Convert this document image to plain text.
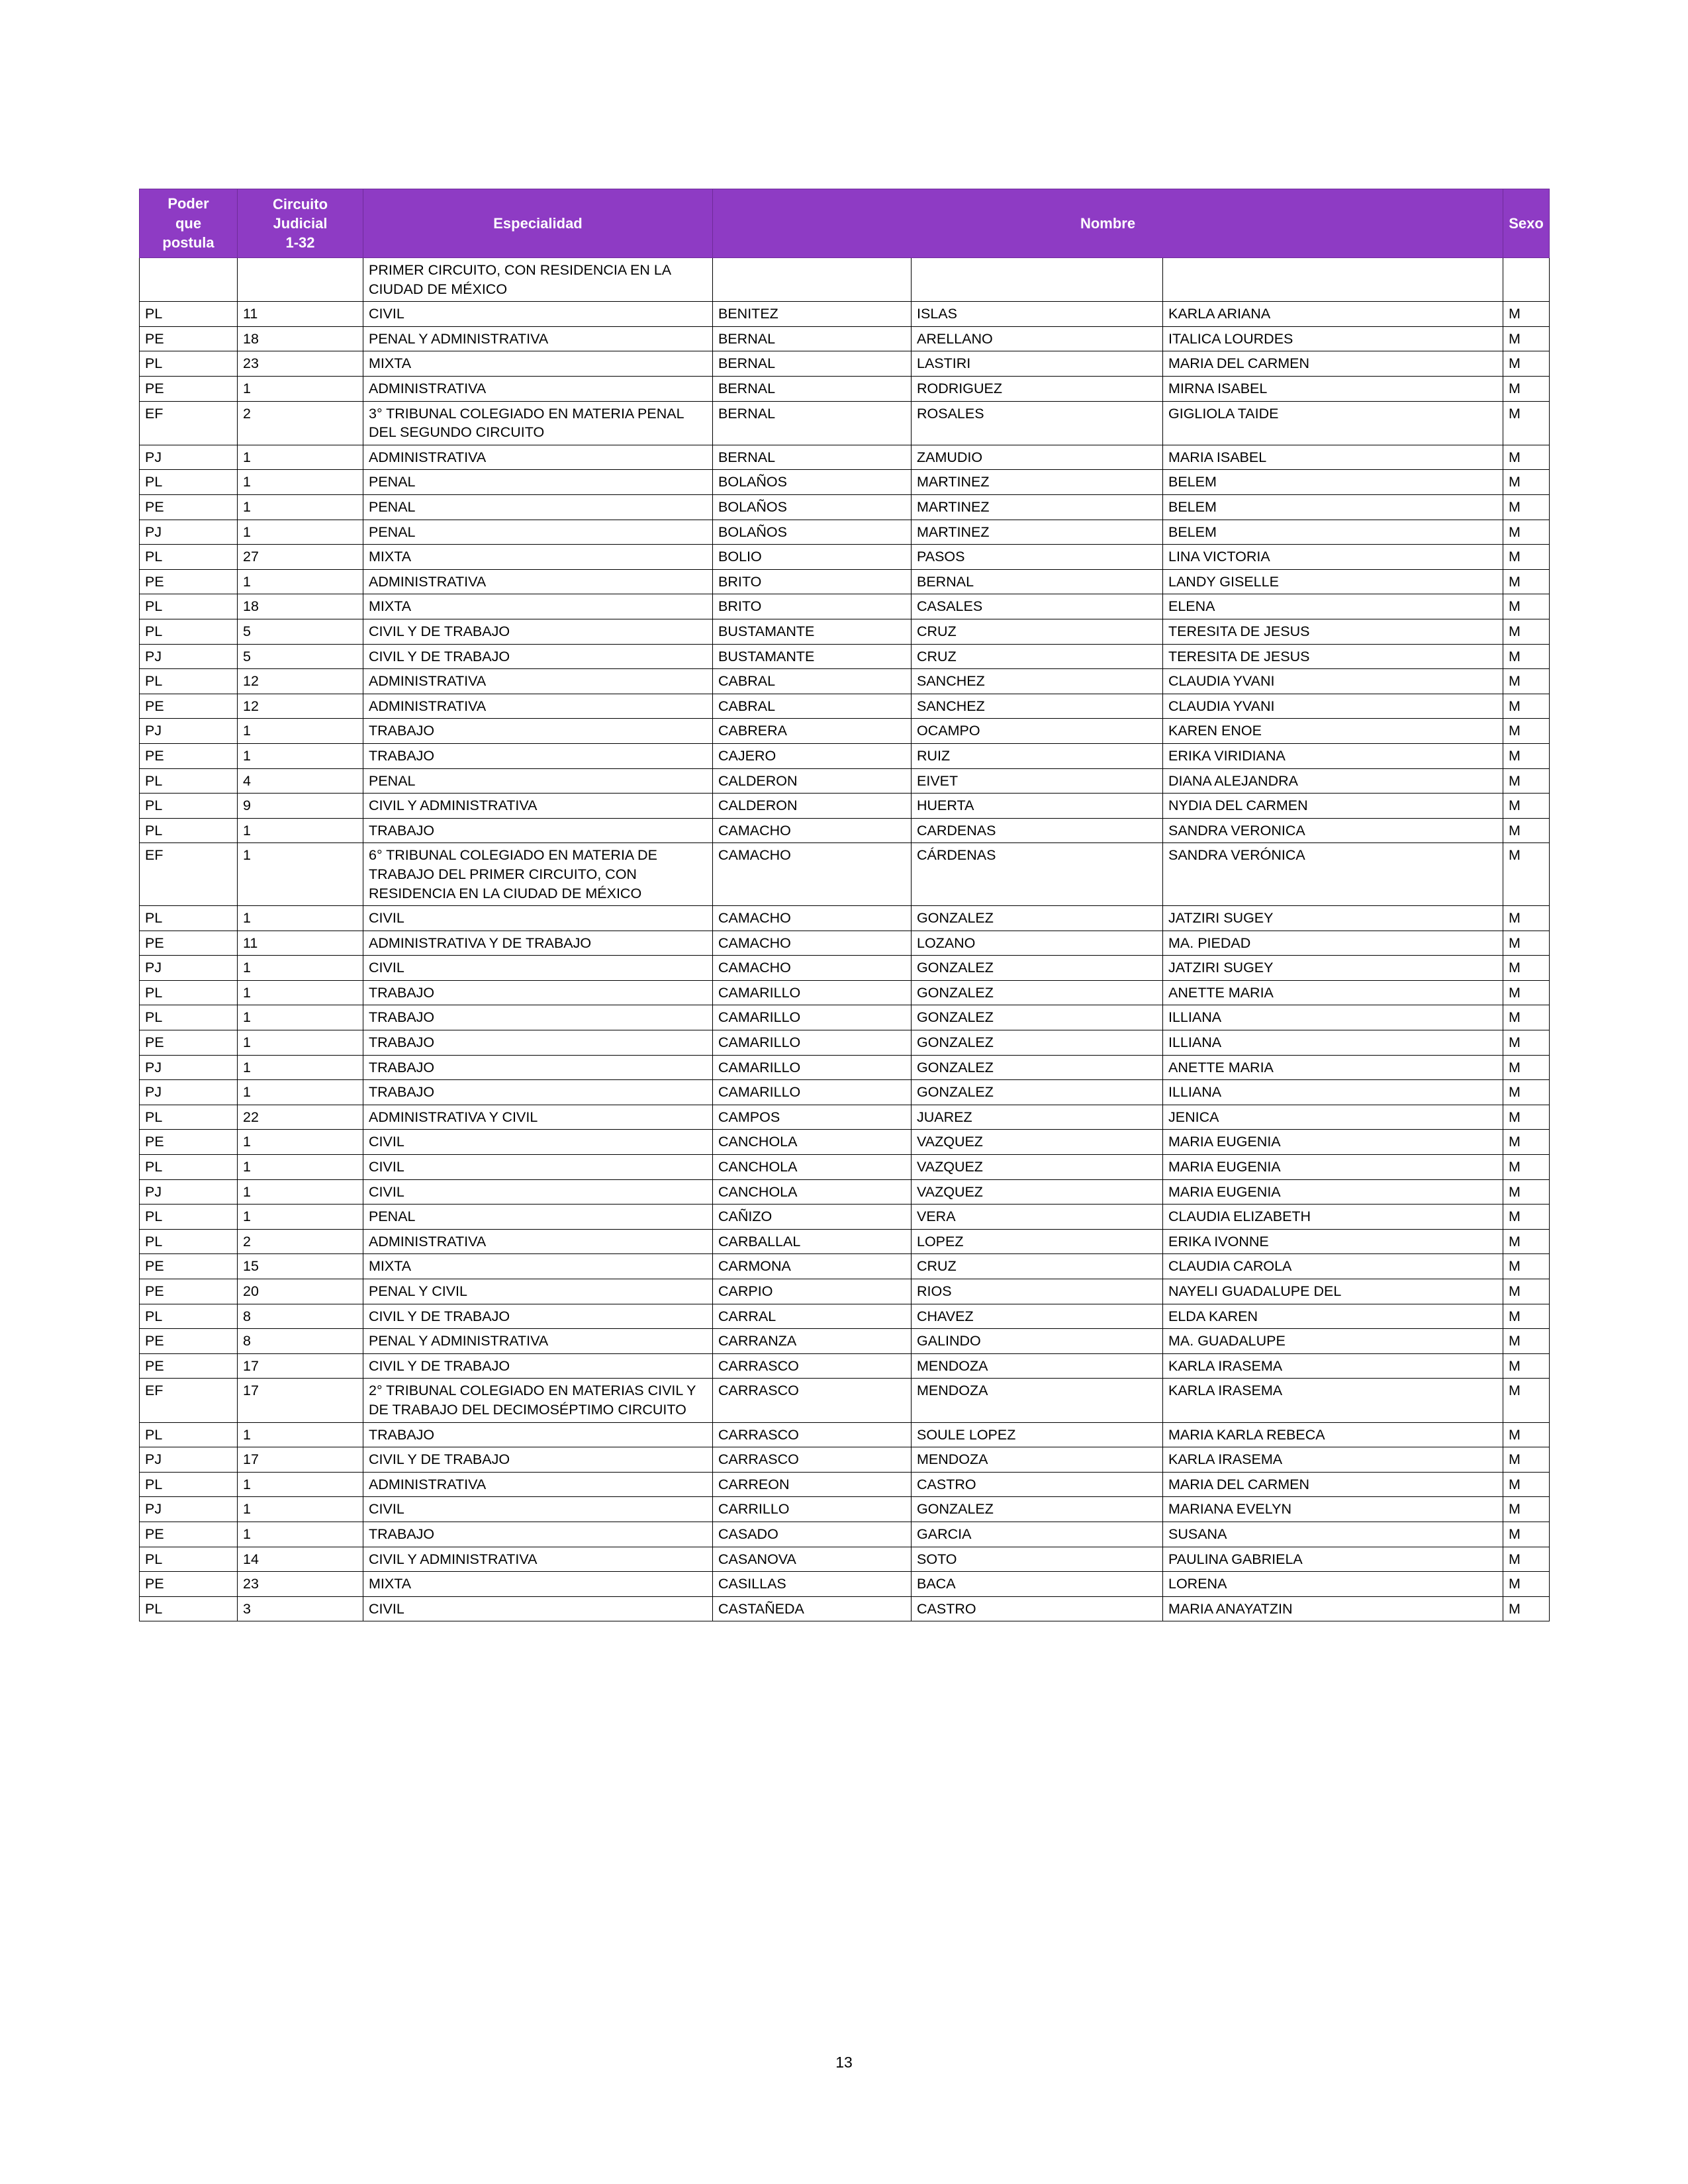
Poder
que
postula	Circuito
Judicial
1-32	Especialidad	Nombre			Sexo
		PRIMER CIRCUITO, CON RESIDENCIA EN LA CIUDAD DE MÉXICO				
PL	11	CIVIL	BENITEZ	ISLAS	KARLA ARIANA	M
PE	18	PENAL Y ADMINISTRATIVA	BERNAL	ARELLANO	ITALICA LOURDES	M
PL	23	MIXTA	BERNAL	LASTIRI	MARIA DEL CARMEN	M
PE	1	ADMINISTRATIVA	BERNAL	RODRIGUEZ	MIRNA ISABEL	M
EF	2	3° TRIBUNAL COLEGIADO EN MATERIA PENAL DEL SEGUNDO CIRCUITO	BERNAL	ROSALES	GIGLIOLA TAIDE	M
PJ	1	ADMINISTRATIVA	BERNAL	ZAMUDIO	MARIA ISABEL	M
PL	1	PENAL	BOLAÑOS	MARTINEZ	BELEM	M
PE	1	PENAL	BOLAÑOS	MARTINEZ	BELEM	M
PJ	1	PENAL	BOLAÑOS	MARTINEZ	BELEM	M
PL	27	MIXTA	BOLIO	PASOS	LINA VICTORIA	M
PE	1	ADMINISTRATIVA	BRITO	BERNAL	LANDY GISELLE	M
PL	18	MIXTA	BRITO	CASALES	ELENA	M
PL	5	CIVIL Y DE TRABAJO	BUSTAMANTE	CRUZ	TERESITA DE JESUS	M
PJ	5	CIVIL Y DE TRABAJO	BUSTAMANTE	CRUZ	TERESITA DE JESUS	M
PL	12	ADMINISTRATIVA	CABRAL	SANCHEZ	CLAUDIA YVANI	M
PE	12	ADMINISTRATIVA	CABRAL	SANCHEZ	CLAUDIA YVANI	M
PJ	1	TRABAJO	CABRERA	OCAMPO	KAREN ENOE	M
PE	1	TRABAJO	CAJERO	RUIZ	ERIKA VIRIDIANA	M
PL	4	PENAL	CALDERON	EIVET	DIANA ALEJANDRA	M
PL	9	CIVIL Y ADMINISTRATIVA	CALDERON	HUERTA	NYDIA DEL CARMEN	M
PL	1	TRABAJO	CAMACHO	CARDENAS	SANDRA VERONICA	M
EF	1	6° TRIBUNAL COLEGIADO EN MATERIA DE TRABAJO DEL PRIMER CIRCUITO, CON RESIDENCIA EN LA CIUDAD DE MÉXICO	CAMACHO	CÁRDENAS	SANDRA VERÓNICA	M
PL	1	CIVIL	CAMACHO	GONZALEZ	JATZIRI SUGEY	M
PE	11	ADMINISTRATIVA Y DE TRABAJO	CAMACHO	LOZANO	MA. PIEDAD	M
PJ	1	CIVIL	CAMACHO	GONZALEZ	JATZIRI SUGEY	M
PL	1	TRABAJO	CAMARILLO	GONZALEZ	ANETTE MARIA	M
PL	1	TRABAJO	CAMARILLO	GONZALEZ	ILLIANA	M
PE	1	TRABAJO	CAMARILLO	GONZALEZ	ILLIANA	M
PJ	1	TRABAJO	CAMARILLO	GONZALEZ	ANETTE MARIA	M
PJ	1	TRABAJO	CAMARILLO	GONZALEZ	ILLIANA	M
PL	22	ADMINISTRATIVA Y CIVIL	CAMPOS	JUAREZ	JENICA	M
PE	1	CIVIL	CANCHOLA	VAZQUEZ	MARIA EUGENIA	M
PL	1	CIVIL	CANCHOLA	VAZQUEZ	MARIA EUGENIA	M
PJ	1	CIVIL	CANCHOLA	VAZQUEZ	MARIA EUGENIA	M
PL	1	PENAL	CAÑIZO	VERA	CLAUDIA ELIZABETH	M
PL	2	ADMINISTRATIVA	CARBALLAL	LOPEZ	ERIKA IVONNE	M
PE	15	MIXTA	CARMONA	CRUZ	CLAUDIA CAROLA	M
PE	20	PENAL Y CIVIL	CARPIO	RIOS	NAYELI GUADALUPE DEL	M
PL	8	CIVIL Y DE TRABAJO	CARRAL	CHAVEZ	ELDA KAREN	M
PE	8	PENAL Y ADMINISTRATIVA	CARRANZA	GALINDO	MA. GUADALUPE	M
PE	17	CIVIL Y DE TRABAJO	CARRASCO	MENDOZA	KARLA IRASEMA	M
EF	17	2° TRIBUNAL COLEGIADO EN MATERIAS CIVIL Y DE TRABAJO DEL DECIMOSÉPTIMO CIRCUITO	CARRASCO	MENDOZA	KARLA IRASEMA	M
PL	1	TRABAJO	CARRASCO	SOULE LOPEZ	MARIA KARLA REBECA	M
PJ	17	CIVIL Y DE TRABAJO	CARRASCO	MENDOZA	KARLA IRASEMA	M
PL	1	ADMINISTRATIVA	CARREON	CASTRO	MARIA DEL CARMEN	M
PJ	1	CIVIL	CARRILLO	GONZALEZ	MARIANA EVELYN	M
PE	1	TRABAJO	CASADO	GARCIA	SUSANA	M
PL	14	CIVIL Y ADMINISTRATIVA	CASANOVA	SOTO	PAULINA GABRIELA	M
PE	23	MIXTA	CASILLAS	BACA	LORENA	M
PL	3	CIVIL	CASTAÑEDA	CASTRO	MARIA ANAYATZIN	M
13
